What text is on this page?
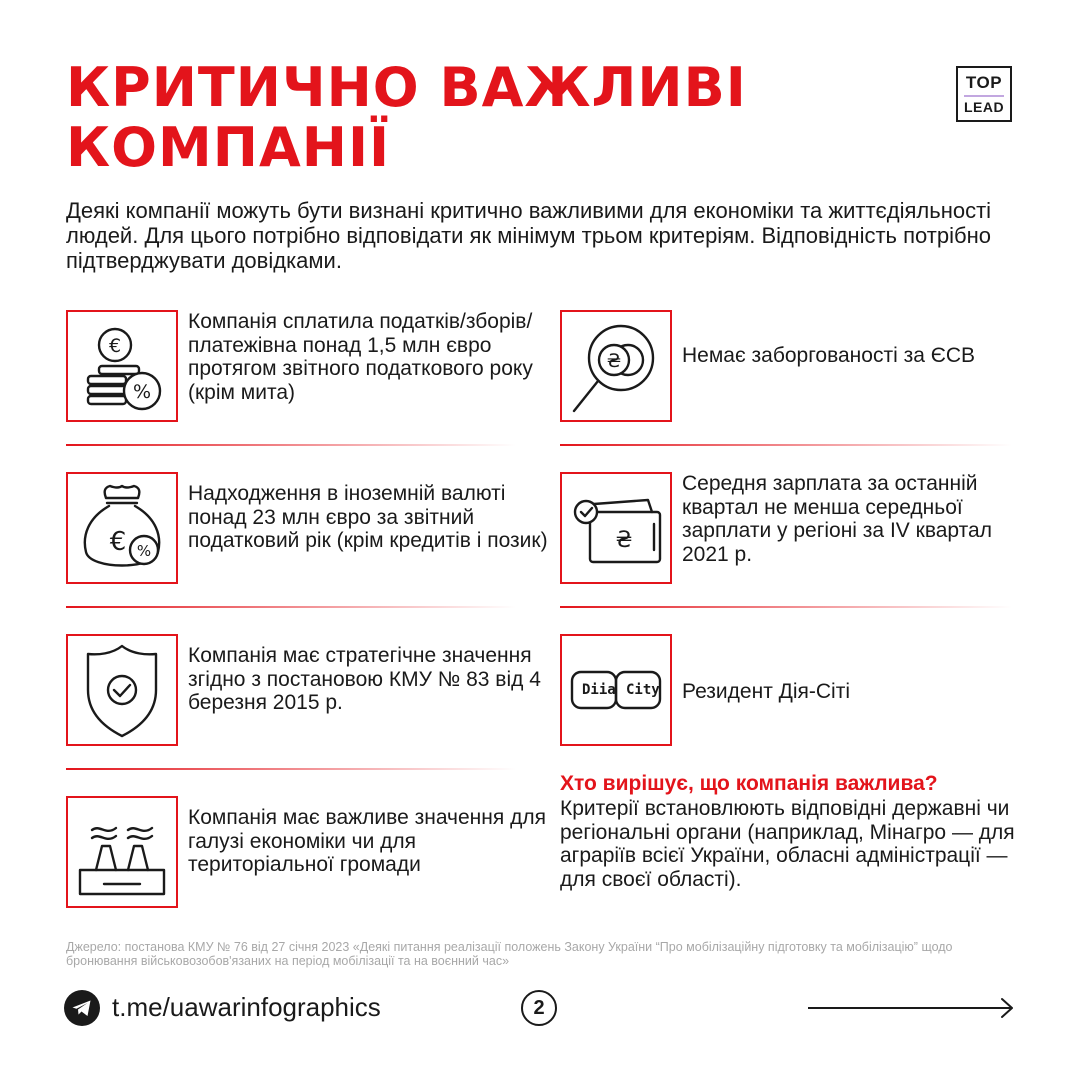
КРИТИЧНО ВАЖЛИВІ
КОМПАНІЇ
TOP
LEAD

Деякі компанії можуть бути визнані критично важливими для економіки та життєдіяльності людей. Для цього потрібно відповідати як мінімум трьом критеріям. Відповідність потрібно підтверджувати довідками.

€
%

Компанія сплатила податків/зборів/платежівна понад 1,5 млн євро протягом звітного податкового року (крім мита)

₴	Немає заборгованості за ЄСВ

€ %

Надходження в іноземній валюті понад 23 млн євро за звітний податковий рік (крім кредитів і позик)	₴

Середня зарплата за останній квартал не менша середньої зарплати у регіоні за IV квартал 2021 р.

Компанія має стратегічне значення згідно з постановою КМУ № 83 від 4 березня 2015 р.

Diia City Резидент Дія-Сіті

Компанія має важливе значення для галузі економіки чи для територіальної громади

Хто вирішує, що компанія важлива?

Критерії встановлюють відповідні державні чи регіональні органи (наприклад, Мінагро — для аграріїв всієї України, обласні адміністрації — для своєї області).

Джерело: постанова КМУ № 76 від 27 січня 2023 «Деякі питання реалізації положень Закону України “Про мобілізаційну підготовку та мобілізацію” щодо бронювання військовозобов'язаних на період мобілізації та на воєнний час»

t.me/uawarinfographics	2
